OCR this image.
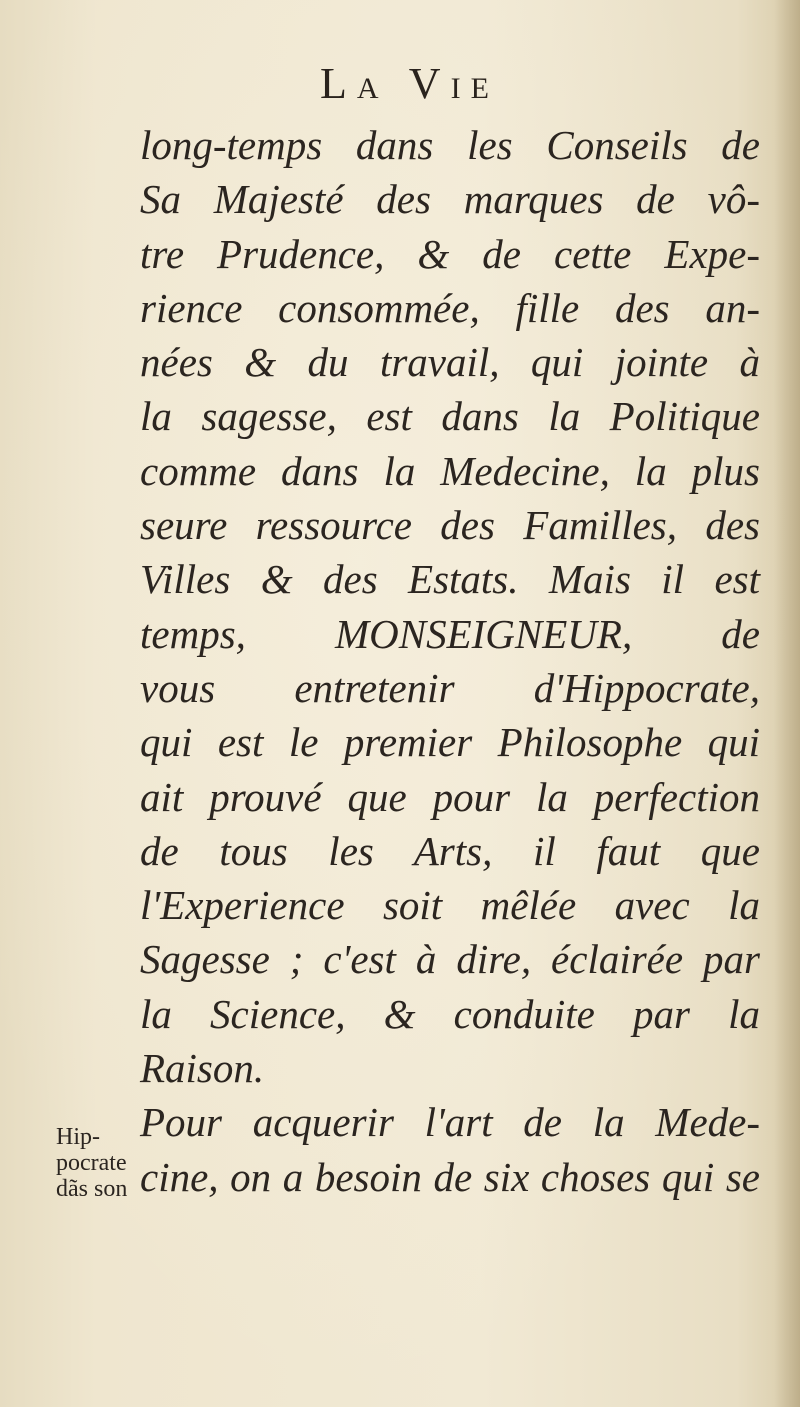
LA VIE
long-temps dans les Conseils de
Sa Majesté des marques de vô-
tre Prudence, & de cette Expe-
rience consommée, fille des an-
nées & du travail, qui jointe à
la sagesse, est dans la Politique
comme dans la Medecine, la plus
seure ressource des Familles, des
Villes & des Estats. Mais il est
temps, MONSEIGNEUR, de
vous entretenir d'Hippocrate,
qui est le premier Philosophe qui
ait prouvé que pour la perfection
de tous les Arts, il faut que
l'Experience soit mêlée avec la
Sagesse ; c'est à dire, éclairée par
la Science, & conduite par la
Raison.
Pour acquerir l'art de la Mede-
cine, on a besoin de six choses qui se
Hip-
pocrate
dãs son
